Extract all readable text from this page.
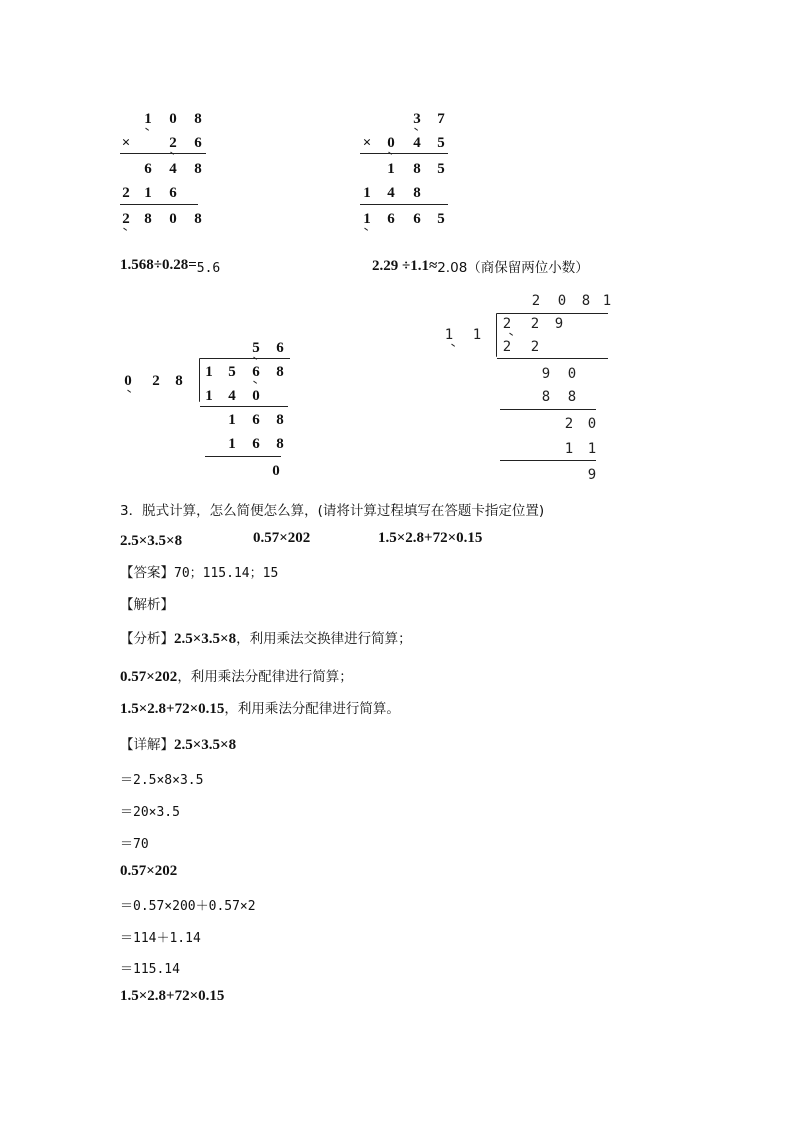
1	0	8
×	2	6
6	4	8
2 1	6
2 8	0	8
3	7
×	0	4	5
1	8	5
1	4	8
1	6	6	5
1.568÷0.28=5.6	2.29 ÷1.1≈2.08（商保留两位小数）
5	6
0	2	8
1	5	6	8
1	4	0
1	6	8
1	6	8
0
2	0	8 1
1	1
2	2	9
2	2
9	0
8	8
2	0
1	1
9
3．脱式计算，怎么简便怎么算，(请将计算过程填写在答题卡指定位置)
2.5×3.5×8	0.57×202	1.5×2.8+72×0.15
【答案】70；115.14；15
【解析】
【分析】2.5×3.5×8，利用乘法交换律进行简算；
0.57×202，利用乘法分配律进行简算；
1.5×2.8+72×0.15，利用乘法分配律进行简算。
【详解】2.5×3.5×8
＝2.5×8×3.5
＝20×3.5
＝70
0.57×202
＝0.57×200＋0.57×2
＝114＋1.14
＝115.14
1.5×2.8+72×0.15
